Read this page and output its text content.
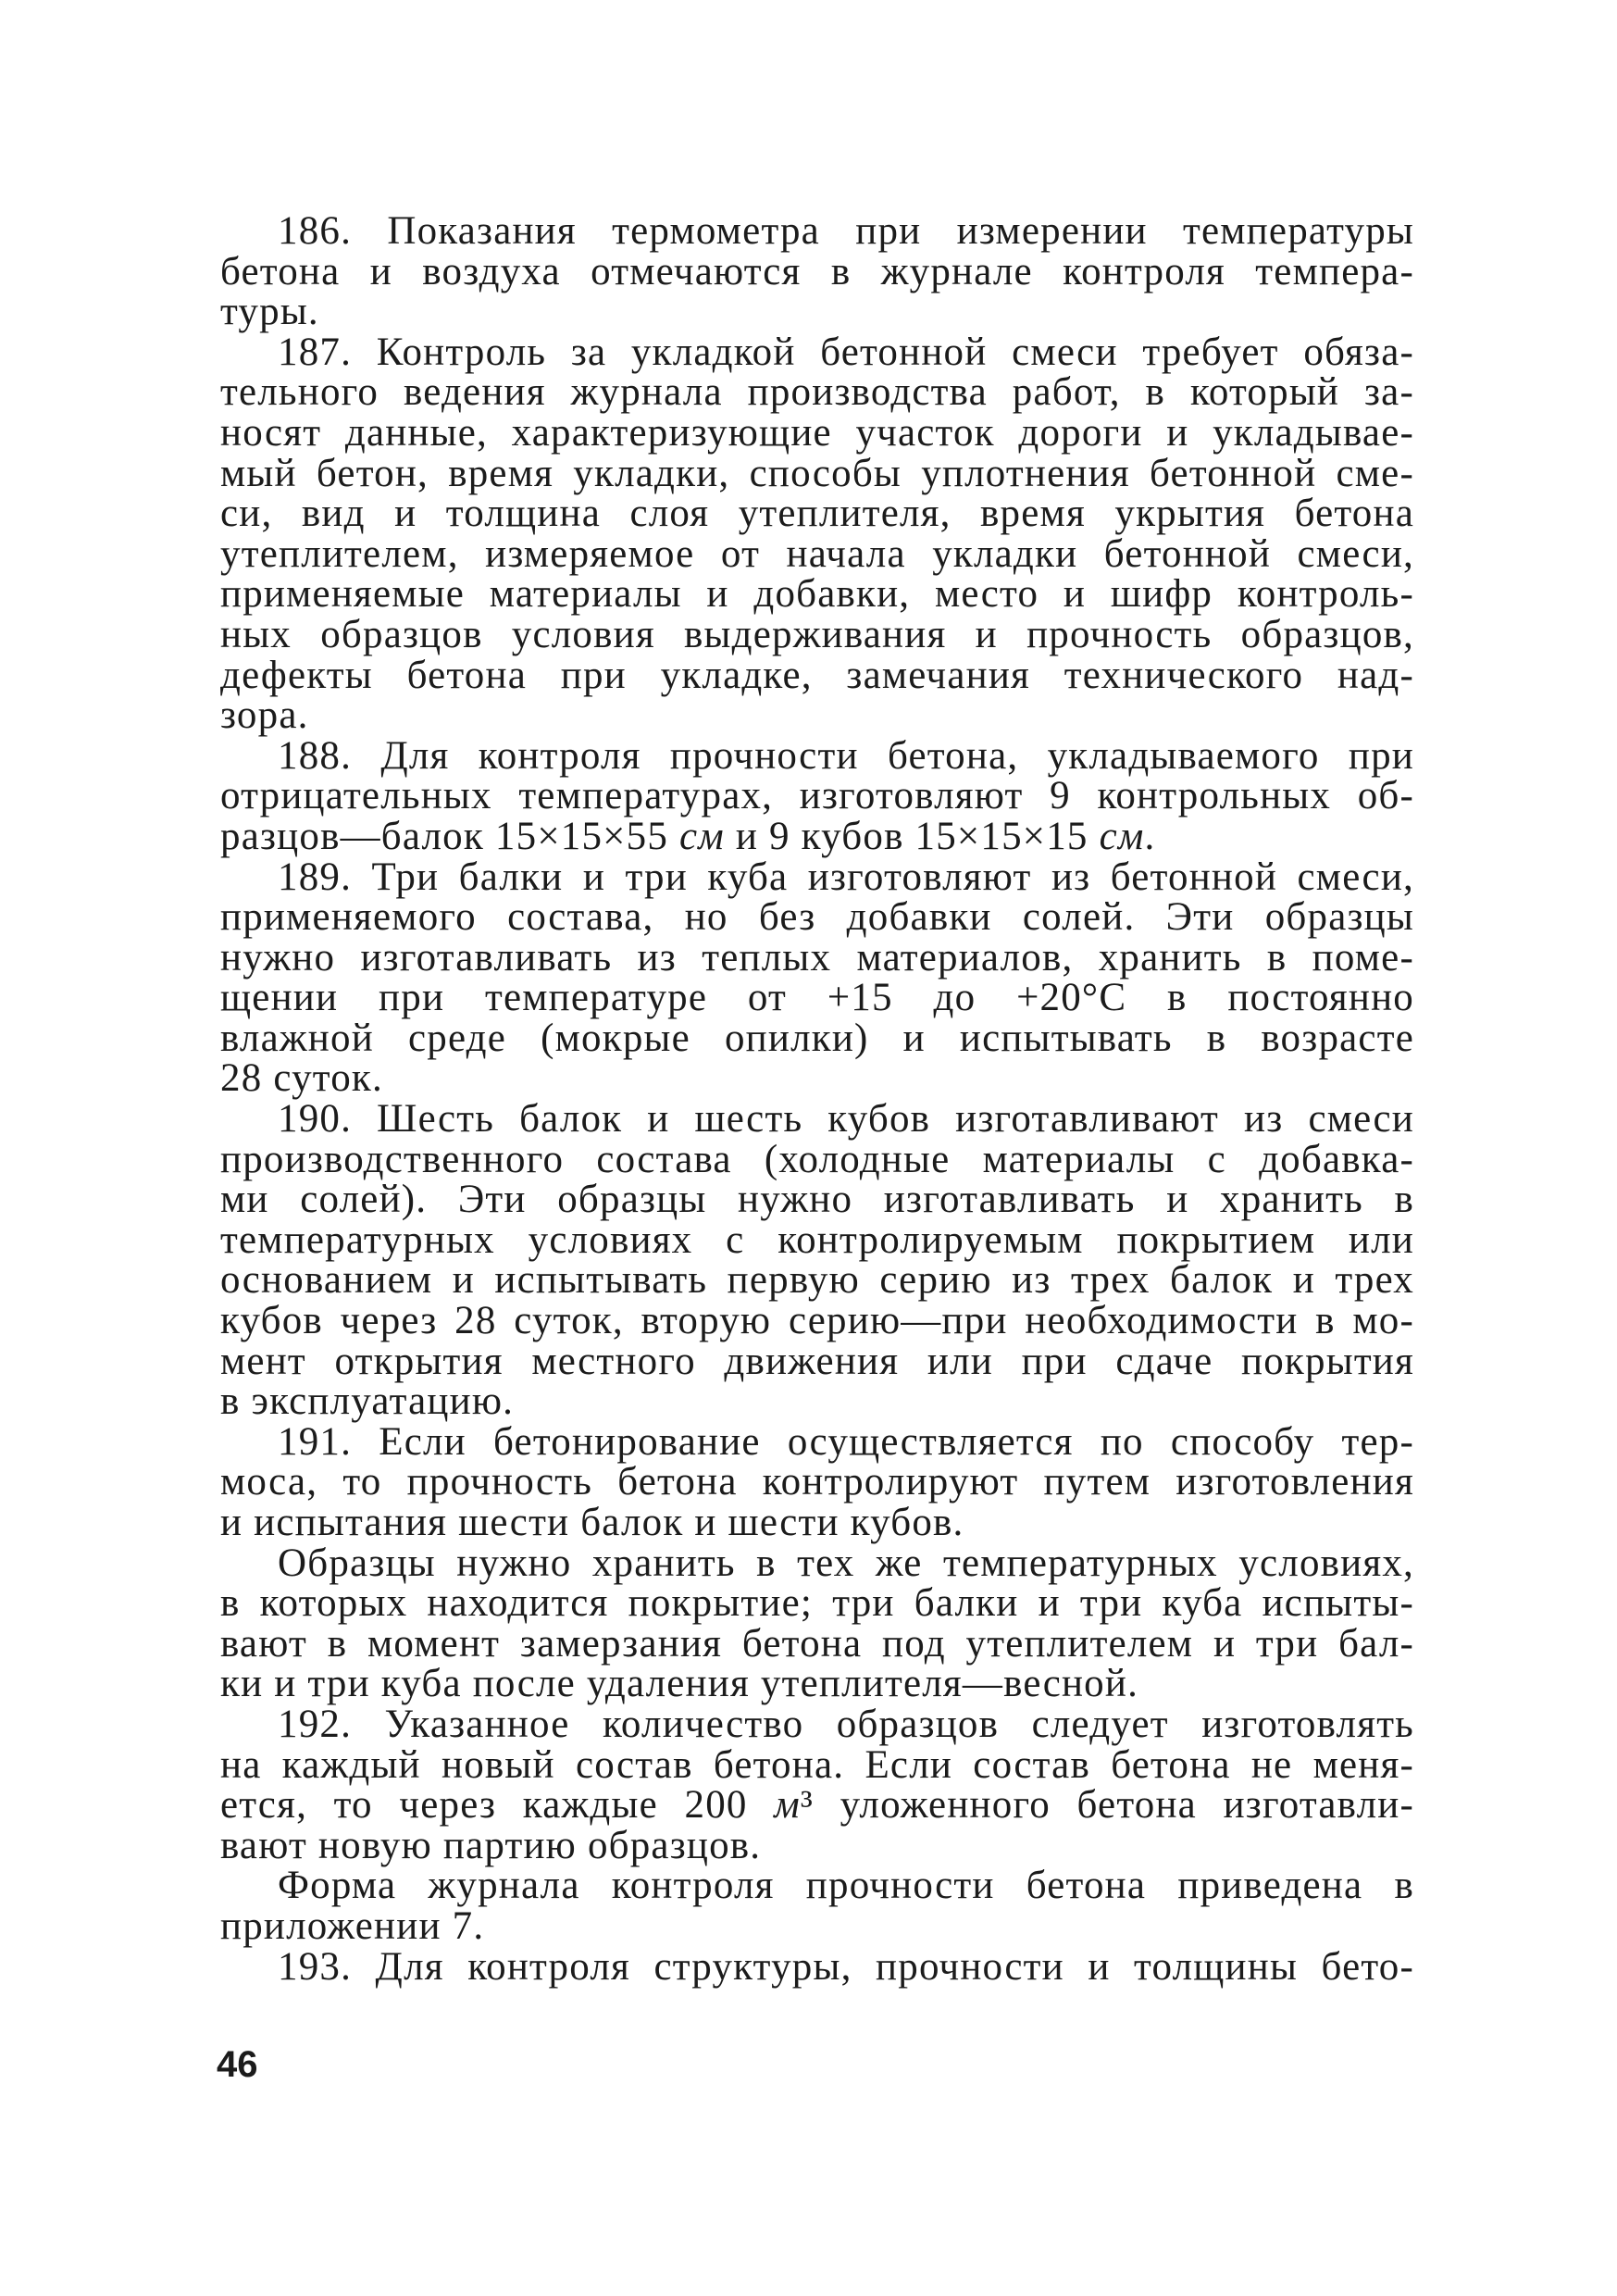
186. Показания термометра при измерении температуры
бетона и воздуха отмечаются в журнале контроля темпера-
туры.
187. Контроль за укладкой бетонной смеси требует обяза-
тельного ведения журнала производства работ, в который за-
носят данные, характеризующие участок дороги и укладывае-
мый бетон, время укладки, способы уплотнения бетонной сме-
си, вид и толщина слоя утеплителя, время укрытия бетона
утеплителем, измеряемое от начала укладки бетонной смеси,
применяемые материалы и добавки, место и шифр контроль-
ных образцов условия выдерживания и прочность образцов,
дефекты бетона при укладке, замечания технического над-
зора.
188. Для контроля прочности бетона, укладываемого при
отрицательных температурах, изготовляют 9 контрольных об-
разцов—балок 15×15×55 см и 9 кубов 15×15×15 см.
189. Три балки и три куба изготовляют из бетонной смеси,
применяемого состава, но без добавки солей. Эти образцы
нужно изготавливать из теплых материалов, хранить в поме-
щении при температуре от +15 до +20°С в постоянно
влажной среде (мокрые опилки) и испытывать в возрасте
28 суток.
190. Шесть балок и шесть кубов изготавливают из смеси
производственного состава (холодные материалы с добавка-
ми солей). Эти образцы нужно изготавливать и хранить в
температурных условиях с контролируемым покрытием или
основанием и испытывать первую серию из трех балок и трех
кубов через 28 суток, вторую серию—при необходимости в мо-
мент открытия местного движения или при сдаче покрытия
в эксплуатацию.
191. Если бетонирование осуществляется по способу тер-
моса, то прочность бетона контролируют путем изготовления
и испытания шести балок и шести кубов.
Образцы нужно хранить в тех же температурных условиях,
в которых находится покрытие; три балки и три куба испыты-
вают в момент замерзания бетона под утеплителем и три бал-
ки и три куба после удаления утеплителя—весной.
192. Указанное количество образцов следует изготовлять
на каждый новый состав бетона. Если состав бетона не меня-
ется, то через каждые 200 м³ уложенного бетона изготавли-
вают новую партию образцов.
Форма журнала контроля прочности бетона приведена в
приложении 7.
193. Для контроля структуры, прочности и толщины бето-
46
